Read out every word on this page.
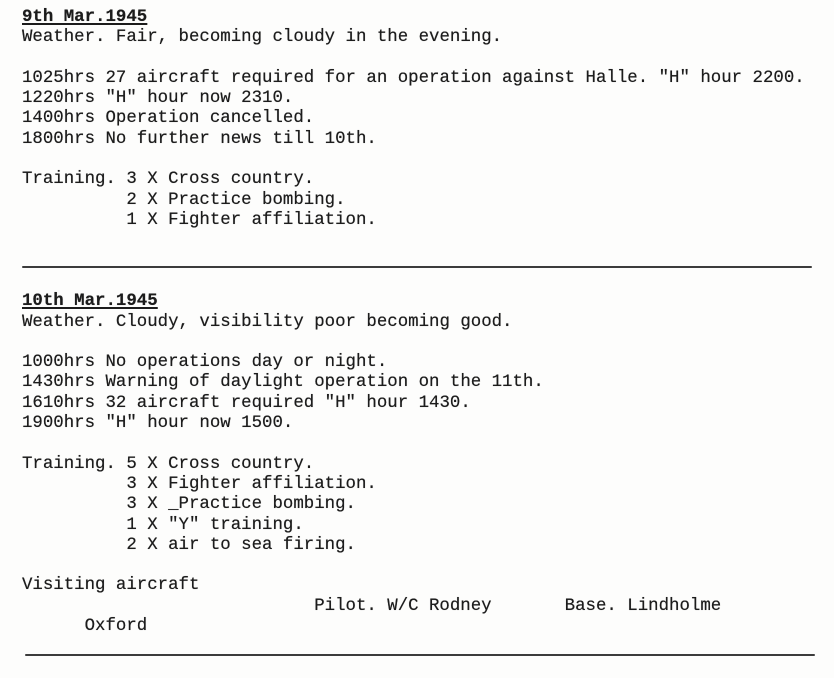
9th Mar.1945
Weather. Fair, becoming cloudy in the evening.
1025hrs 27 aircraft required for an operation against Halle. "H" hour 2200.
1220hrs "H" hour now 2310.
1400hrs Operation cancelled.
1800hrs No further news till 10th.
Training. 3 X Cross country.
2 X Practice bombing.
1 X Fighter affiliation.
10th Mar.1945
Weather. Cloudy, visibility poor becoming good.
1000hrs No operations day or night.
1430hrs Warning of daylight operation on the 11th.
1610hrs 32 aircraft required "H" hour 1430.
1900hrs "H" hour now 1500.
Training. 5 X Cross country.
3 X Fighter affiliation.
3 X _Practice bombing.
1 X "Y" training.
2 X air to sea firing.
Visiting aircraft

Oxford

Pilot. W/C Rodney

	Base. Lindholme
